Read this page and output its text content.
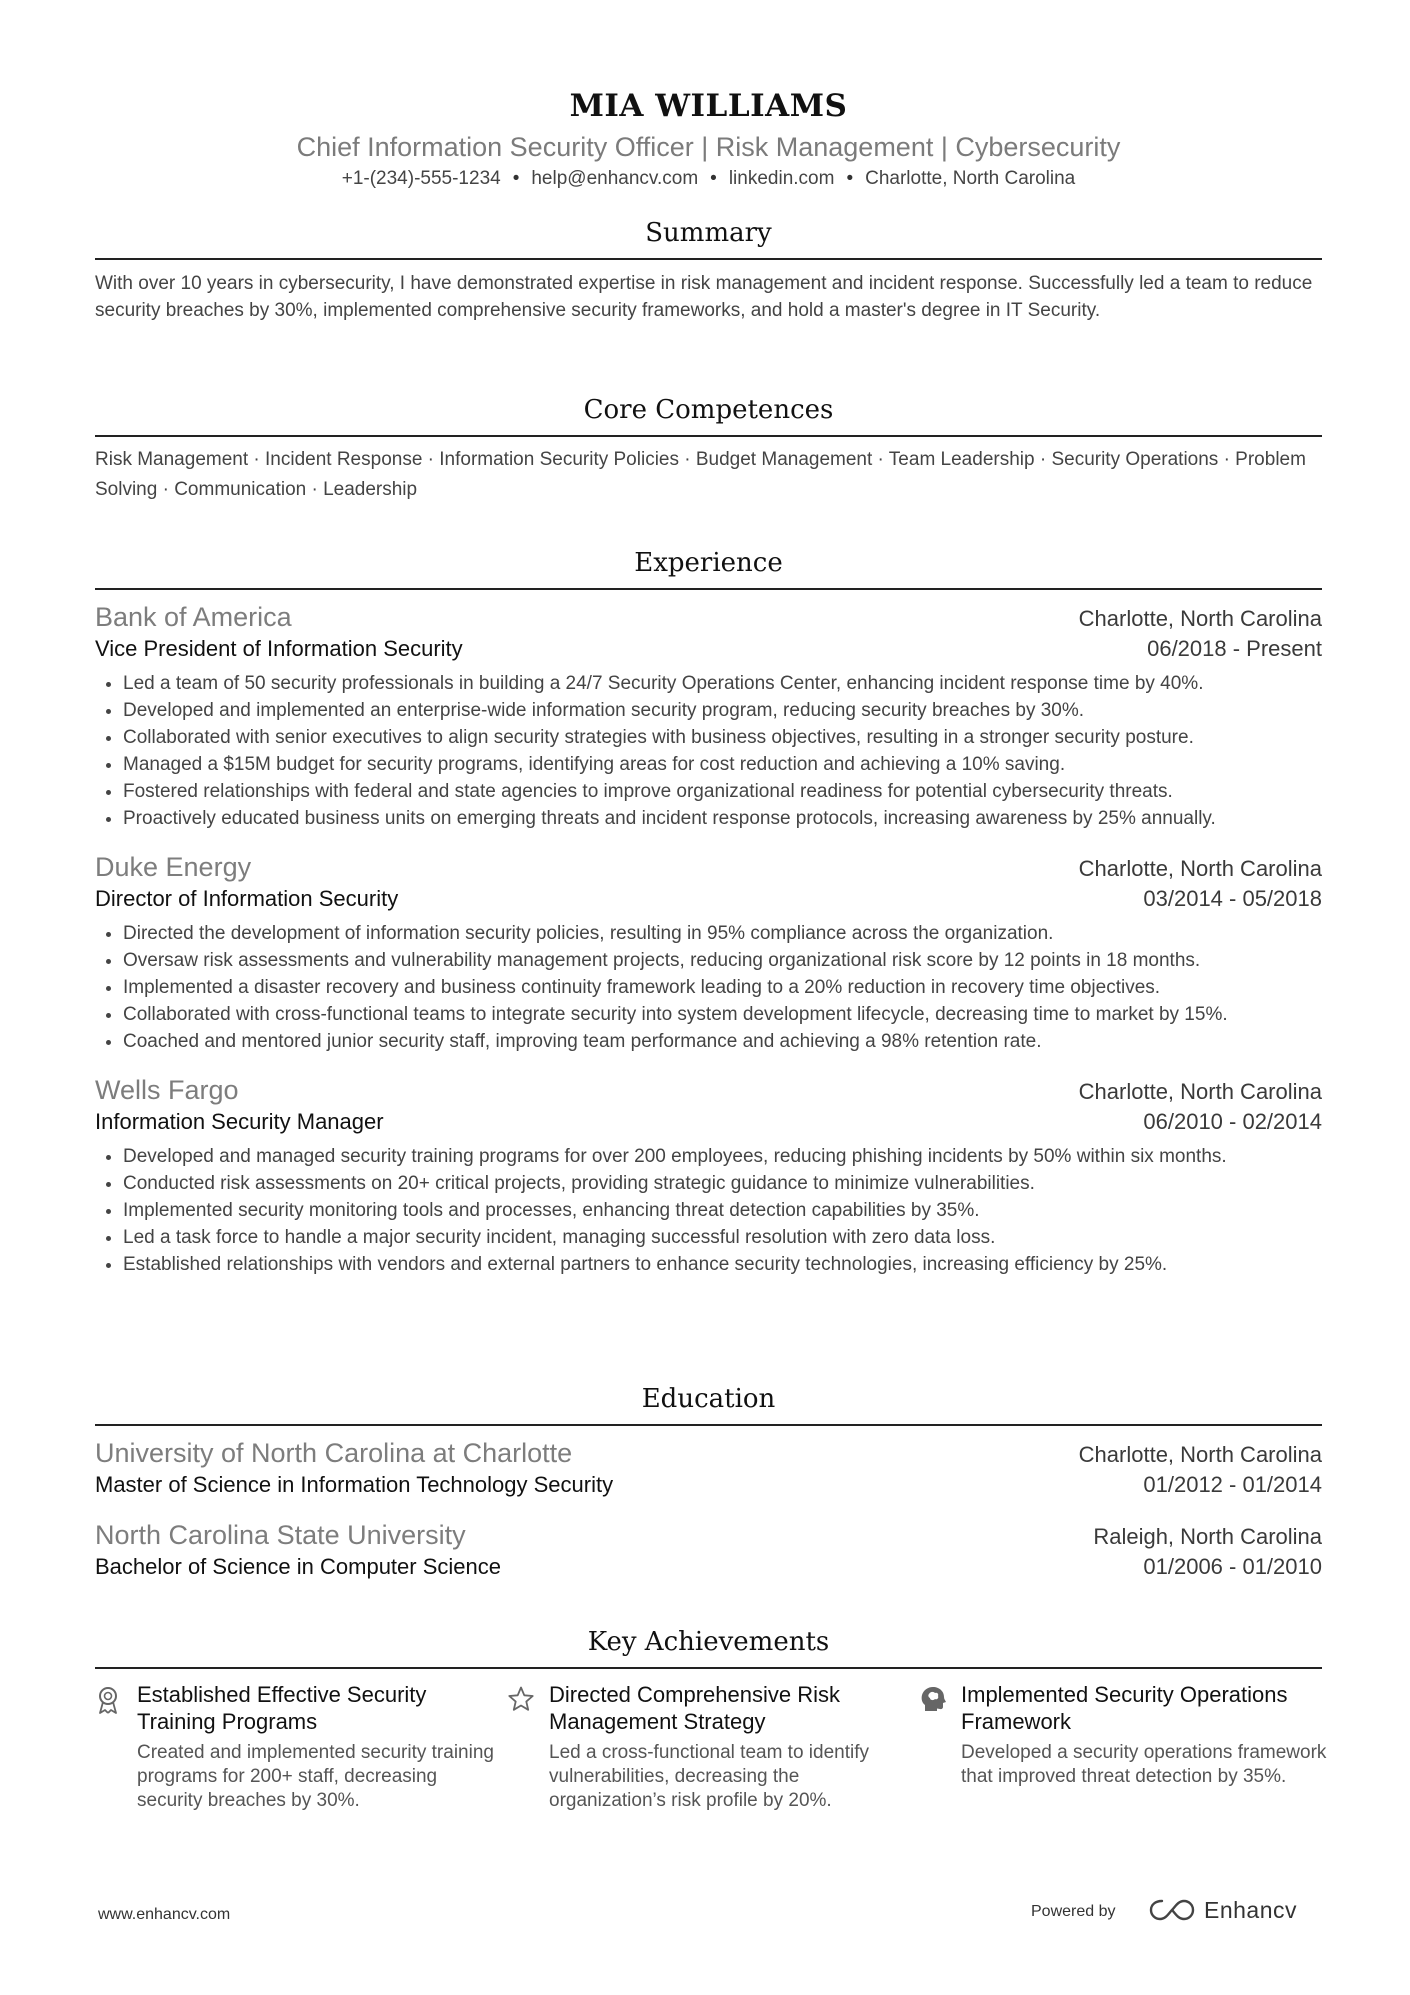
MIA WILLIAMS
Chief Information Security Officer | Risk Management | Cybersecurity
+1-(234)-555-1234 • help@enhancv.com • linkedin.com • Charlotte, North Carolina
Summary
With over 10 years in cybersecurity, I have demonstrated expertise in risk management and incident response. Successfully led a team to reduce security breaches by 30%, implemented comprehensive security frameworks, and hold a master's degree in IT Security.
Core Competences
Risk Management · Incident Response · Information Security Policies · Budget Management · Team Leadership · Security Operations · Problem Solving · Communication · Leadership
Experience
Bank of America	Charlotte, North Carolina
Vice President of Information Security	06/2018 - Present
• Led a team of 50 security professionals in building a 24/7 Security Operations Center, enhancing incident response time by 40%.
• Developed and implemented an enterprise-wide information security program, reducing security breaches by 30%.
• Collaborated with senior executives to align security strategies with business objectives, resulting in a stronger security posture.
• Managed a $15M budget for security programs, identifying areas for cost reduction and achieving a 10% saving.
• Fostered relationships with federal and state agencies to improve organizational readiness for potential cybersecurity threats.
• Proactively educated business units on emerging threats and incident response protocols, increasing awareness by 25% annually.
Duke Energy	Charlotte, North Carolina
Director of Information Security	03/2014 - 05/2018
• Directed the development of information security policies, resulting in 95% compliance across the organization.
• Oversaw risk assessments and vulnerability management projects, reducing organizational risk score by 12 points in 18 months.
• Implemented a disaster recovery and business continuity framework leading to a 20% reduction in recovery time objectives.
• Collaborated with cross-functional teams to integrate security into system development lifecycle, decreasing time to market by 15%.
• Coached and mentored junior security staff, improving team performance and achieving a 98% retention rate.
Wells Fargo	Charlotte, North Carolina
Information Security Manager	06/2010 - 02/2014
• Developed and managed security training programs for over 200 employees, reducing phishing incidents by 50% within six months.
• Conducted risk assessments on 20+ critical projects, providing strategic guidance to minimize vulnerabilities.
• Implemented security monitoring tools and processes, enhancing threat detection capabilities by 35%.
• Led a task force to handle a major security incident, managing successful resolution with zero data loss.
• Established relationships with vendors and external partners to enhance security technologies, increasing efficiency by 25%.
Education
University of North Carolina at Charlotte	Charlotte, North Carolina
Master of Science in Information Technology Security	01/2012 - 01/2014
North Carolina State University	Raleigh, North Carolina
Bachelor of Science in Computer Science	01/2006 - 01/2010
Key Achievements
Established Effective Security Training Programs
Created and implemented security training programs for 200+ staff, decreasing security breaches by 30%.
Directed Comprehensive Risk Management Strategy
Led a cross-functional team to identify vulnerabilities, decreasing the organization’s risk profile by 20%.
Implemented Security Operations Framework
Developed a security operations framework that improved threat detection by 35%.
www.enhancv.com	Powered by	Enhancv
